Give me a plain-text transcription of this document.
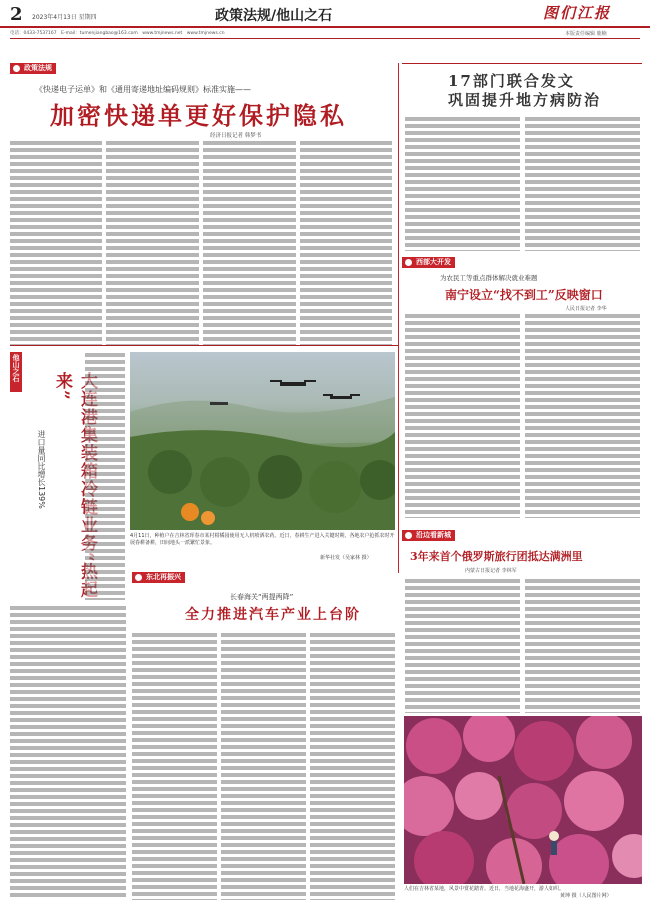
2 2023年4月13日 星期四	政策法规/他山之石	图们江报
电话：0433-7537167　E-mail：tumenjiangbao@163.com　www.tmjnews.net　www.tmjnews.cn	本版责任编辑 鹿楠
政策法规
《快递电子运单》和《通用寄递地址编码规则》标准实施——
加密快递单更好保护隐私
经济日报记者 韩梦书
17部门联合发文
巩固提升地方病防治
西部大开发
为农民工等重点群体解决就业难题
南宁设立“找不到工”反映窗口
人民日报记者 李华
他山之石 来”
进口量同比增长139%
4月11日，种植户在吉林省珲春市某村柑橘园使用无人机喷洒农药。近日，春耕生产进入关键时期，各地农户抢抓农时开展春耕备耕，田间地头一派繁忙景象。
新华社发（吴家林 摄）
东北再振兴
长春海关“两提两降”
全力推进汽车产业上台阶
沿边看新城
3年来首个俄罗斯旅行团抵达满洲里
内蒙古日报记者 李林军
人们在吉林省某地，风景中赏花踏青。近日，当地花海盛开，游人如织。
黄坤 摄（人民图片网）
